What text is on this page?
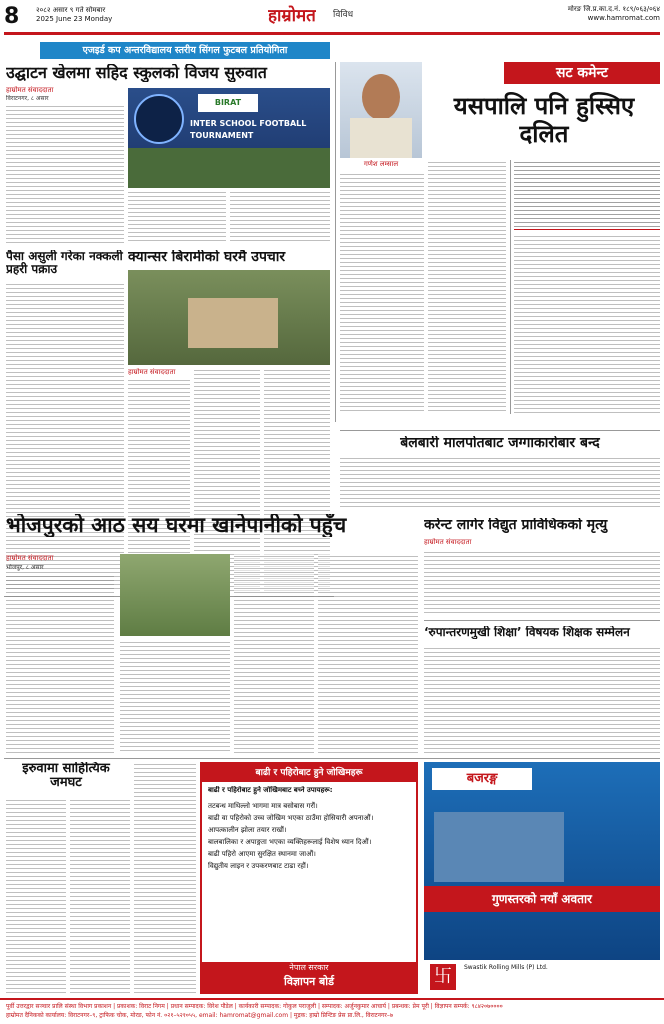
8 २०८२ असार ९ गते सोमबार
2025 June 23 Monday	हाम्रोमत विविध
मोरङ जि.प्र.का.द.नं. १८९/०६३/०६४
www.hamromat.com
एजइर्ड कप अन्तरविद्यालय स्तरीय सिंगल फुटबल प्रतियोगिता
उद्घाटन खेलमा सहिद स्कुलको विजय सुरुवात
हाम्रोमत संवाददाता
विराटनगर, ८ असार	BIRAT
INTER SCHOOL FOOTBALL TOURNAMENT
पैसा असुली गरेका नक्कली प्रहरी पक्राउ
क्यान्सर बिरामीको घरमै उपचार
हाम्रोमत संवाददाता
गणेश लम्साल
सट कमेन्ट
यसपालि पनि हुस्सिए दलित
बेलबारी मालपोतबाट जग्गाकारोबार बन्द
भोजपुरको आठ सय घरमा खानेपानीको पहुँच
हाम्रोमत संवाददाता
भोजपुर, ८ असार
करेन्ट लागेर विद्युत प्राविधिककाे मृत्यु
हाम्रोमत संवाददाता
‘रुपान्तरणमुखी शिक्षा’ विषयक शिक्षक सम्मेलन
इरुवामा साहित्यिक जमघट
बाढी र पहिरोबाट हुने जोखिमहरू
बाढी र पहिरोबाट हुने जोखिमबाट बच्ने उपायहरू:
तटबन्ध माथिल्लाे भागमा मात्र बसाेबास गराैं।
बाढी वा पहिराेकाे उच्च जाेखिम भएका ठाउँमा हाेसियारी अपनाऔं।
आपत्कालीन झाेला तयार राखाैं।
बालबालिका र अपाङ्गता भएका व्यक्तिहरूलाई विशेष ध्यान दिऔं।
बाढी पहिराे आएमा सुरक्षित स्थानमा जाऔं।
विद्युतीय लाइन र उपकरणबाट टाढा रहाैं।
नेपाल सरकार
विज्ञापन बोर्ड
बजरङ्ग
गुणस्तरको नयाँ अवतार
Swastik Rolling Mills (P) Ltd.
卐
पूर्वी उत्तरद्वार सञ्चार प्रालि संस्था विभाग प्रकाशन | प्रकाशक: विराट निगम | प्रधान सम्पादक: विरेश पौडेल | कार्यकारी सम्पादक: गोकुल पराजुली | सम्पादक: अर्जुनकुमार आचार्य | प्रबन्धक: प्रेम पूरी | विज्ञापन सम्पर्क: ९८४२०७००००
हाम्रोमत दैनिकको कार्यालय: विराटनगर–९, ट्राफिक चोक, मोरङ, फोन नं. ०२१–५२१०५५, email: hamromat@gmail.com | मुद्रक: हाम्रो प्रिन्टिङ प्रेस प्रा.लि., विराटनगर–७
